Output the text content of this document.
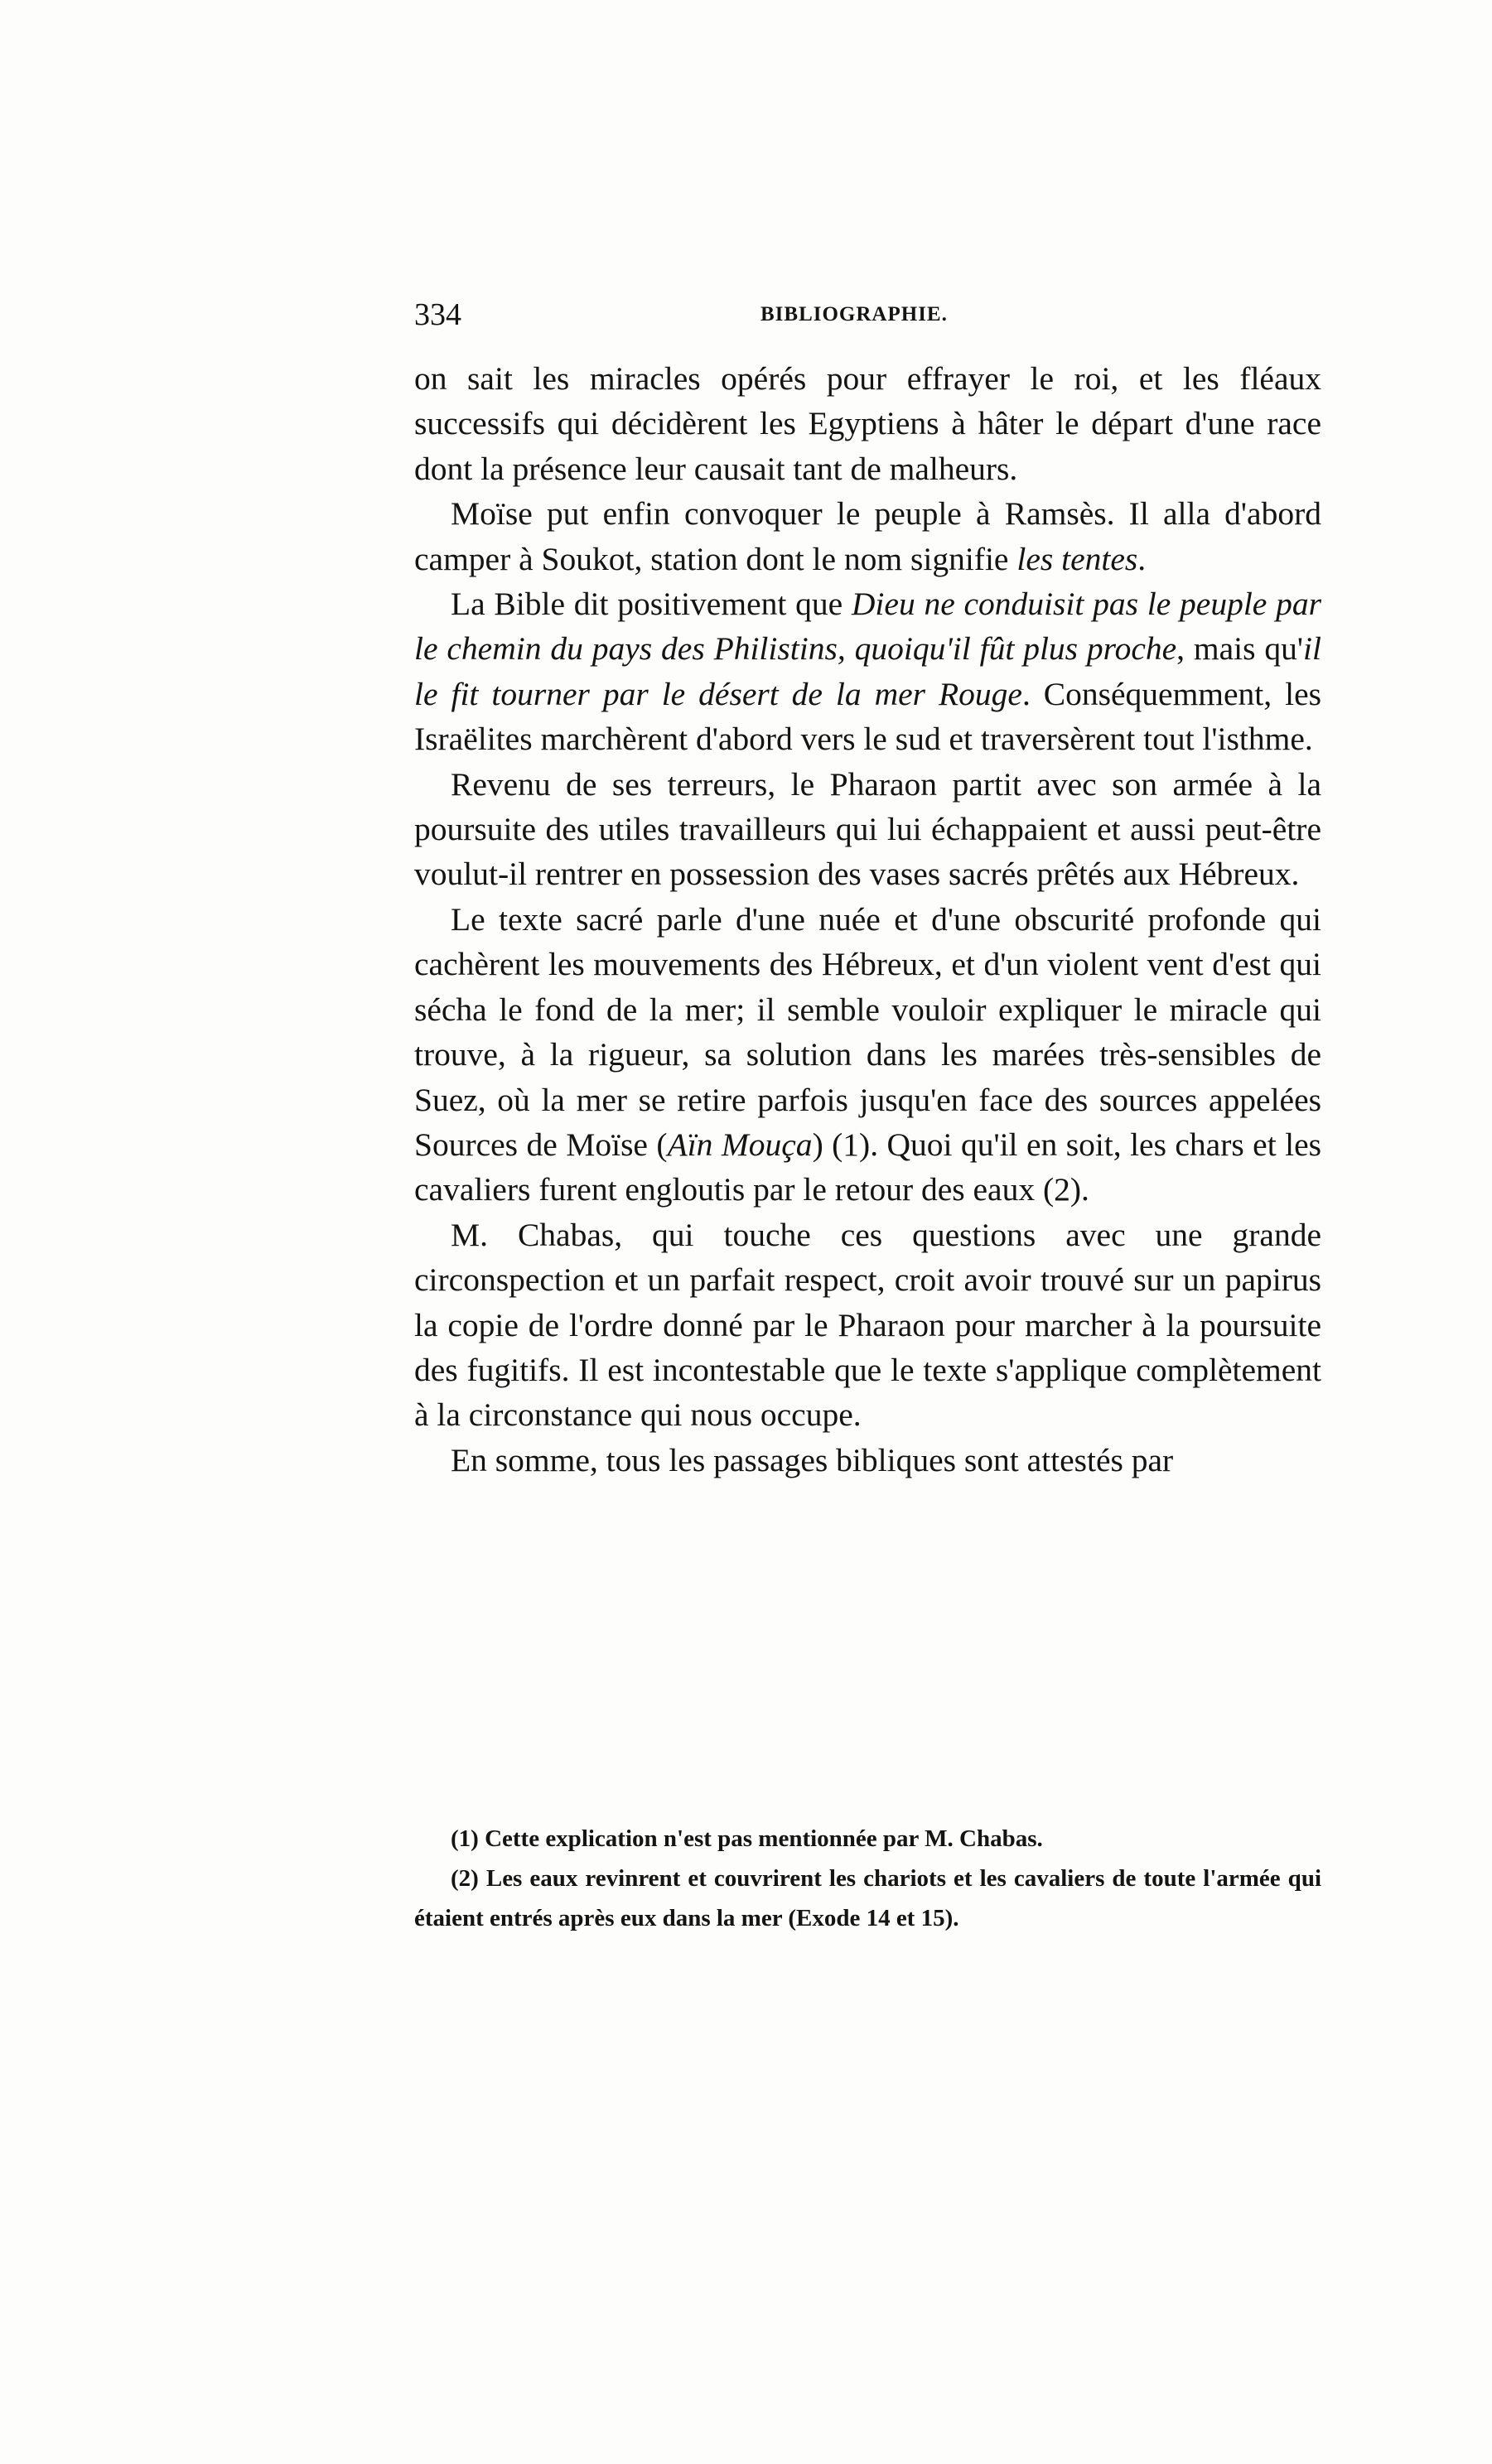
334	BIBLIOGRAPHIE.

on sait les miracles opérés pour effrayer le roi, et les fléaux successifs qui décidèrent les Egyptiens à hâter le départ d'une race dont la présence leur causait tant de malheurs.

Moïse put enfin convoquer le peuple à Ramsès. Il alla d'abord camper à Soukot, station dont le nom signifie les tentes.

La Bible dit positivement que Dieu ne conduisit pas le peuple par le chemin du pays des Philistins, quoiqu'il fût plus proche, mais qu'il le fit tourner par le désert de la mer Rouge. Conséquemment, les Israëlites marchèrent d'abord vers le sud et traversèrent tout l'isthme.

Revenu de ses terreurs, le Pharaon partit avec son armée à la poursuite des utiles travailleurs qui lui échappaient et aussi peut-être voulut-il rentrer en possession des vases sacrés prêtés aux Hébreux.

Le texte sacré parle d'une nuée et d'une obscurité profonde qui cachèrent les mouvements des Hébreux, et d'un violent vent d'est qui sécha le fond de la mer; il semble vouloir expliquer le miracle qui trouve, à la rigueur, sa solution dans les marées très-sensibles de Suez, où la mer se retire parfois jusqu'en face des sources appelées Sources de Moïse (Aïn Mouça) (1). Quoi qu'il en soit, les chars et les cavaliers furent engloutis par le retour des eaux (2).

M. Chabas, qui touche ces questions avec une grande circonspection et un parfait respect, croit avoir trouvé sur un papirus la copie de l'ordre donné par le Pharaon pour marcher à la poursuite des fugitifs. Il est incontestable que le texte s'applique complètement à la circonstance qui nous occupe.

En somme, tous les passages bibliques sont attestés par

(1) Cette explication n'est pas mentionnée par M. Chabas.

(2) Les eaux revinrent et couvrirent les chariots et les cavaliers de toute l'armée qui étaient entrés après eux dans la mer (Exode 14 et 15).
